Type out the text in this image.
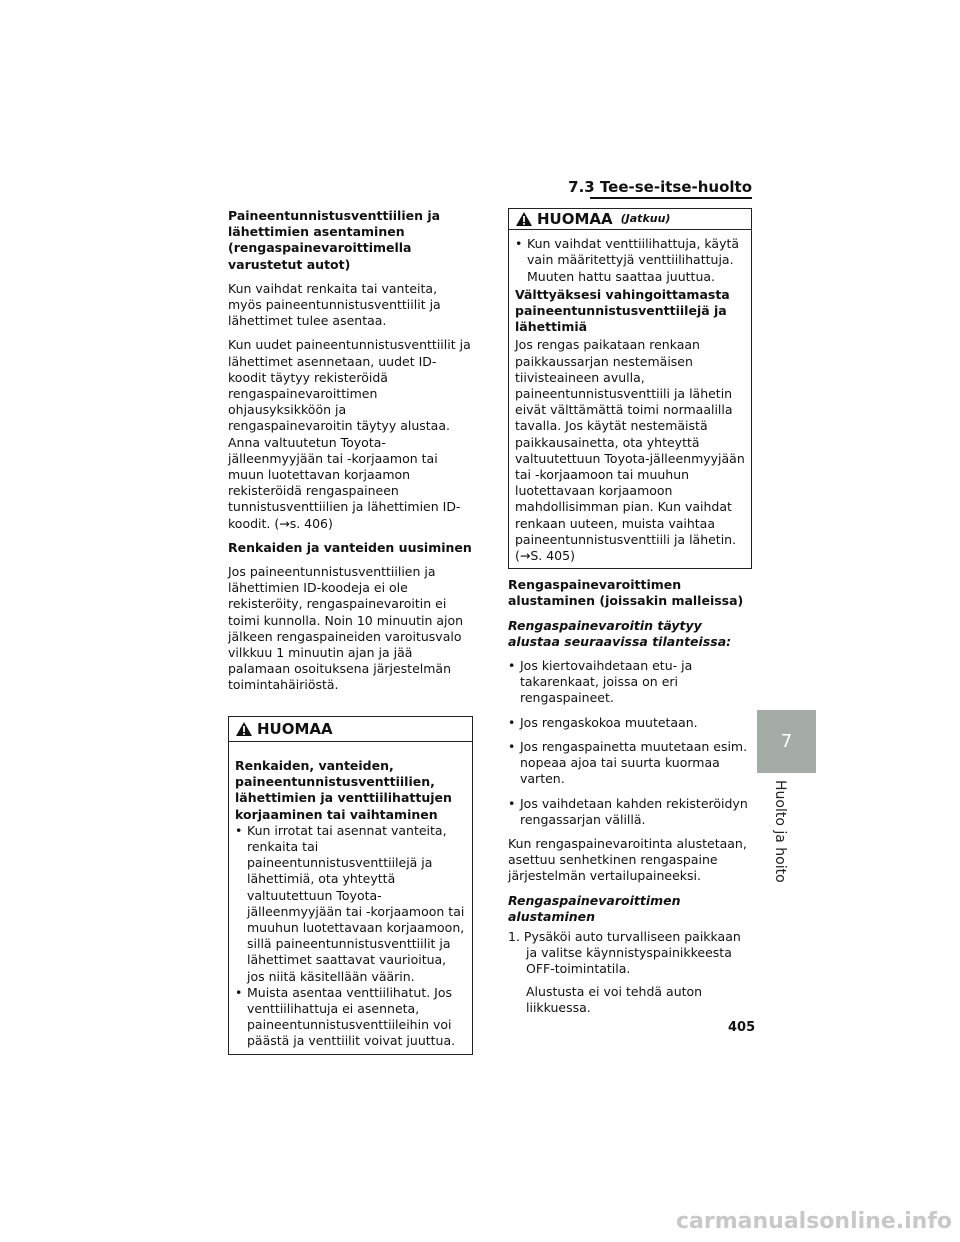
7.3 Tee-se-itse-huolto
Paineentunnistusventtiilien ja lähettimien asentaminen (rengaspainevaroittimella varustetut autot)
Kun vaihdat renkaita tai vanteita, myös paineentunnistusventtiilit ja lähettimet tulee asentaa.
Kun uudet paineentunnistusventtiilit ja lähettimet asennetaan, uudet ID-koodit täytyy rekisteröidä rengaspainevaroittimen ohjausyksikköön ja rengaspainevaroitin täytyy alustaa. Anna valtuutetun Toyota-jälleenmyyjään tai -korjaamon tai muun luotettavan korjaamon rekisteröidä rengaspaineen tunnistusventtiilien ja lähettimien ID-koodit. (→s. 406)
Renkaiden ja vanteiden uusiminen
Jos paineentunnistusventtiilien ja lähettimien ID-koodeja ei ole rekisteröity, rengaspainevaroitin ei toimi kunnolla. Noin 10 minuutin ajon jälkeen rengaspaineiden varoitusvalo vilkkuu 1 minuutin ajan ja jää palamaan osoituksena järjestelmän toimintahäiriöstä.
HUOMAA
Renkaiden, vanteiden, paineentunnistusventtiilien, lähettimien ja venttiilihattujen korjaaminen tai vaihtaminen
• Kun irrotat tai asennat vanteita, renkaita tai paineentunnistusventtiilejä ja lähettimiä, ota yhteyttä valtuutettuun Toyota-jälleenmyyjään tai -korjaamoon tai muuhun luotettavaan korjaamoon, sillä paineentunnistusventtiilit ja lähettimet saattavat vaurioitua, jos niitä käsitellään väärin.
• Muista asentaa venttiilihatut. Jos venttiilihattuja ei asenneta, paineentunnistusventtiileihin voi päästä ja venttiilit voivat juuttua.
HUOMAA (Jatkuu)
• Kun vaihdat venttiilihattuja, käytä vain määritettyjä venttiilihattuja. Muuten hattu saattaa juuttua.
Välttyäksesi vahingoittamasta paineentunnistusventtiilejä ja lähettimiä
Jos rengas paikataan renkaan paikkaussarjan nestemäisen tiivisteaineen avulla, paineentunnistusventtiili ja lähetin eivät välttämättä toimi normaalilla tavalla. Jos käytät nestemäistä paikkausainetta, ota yhteyttä valtuutettuun Toyota-jälleenmyyjään tai -korjaamoon tai muuhun luotettavaan korjaamoon mahdollisimman pian. Kun vaihdat renkaan uuteen, muista vaihtaa paineentunnistusventtiili ja lähetin. (→S. 405)
Rengaspainevaroittimen alustaminen (joissakin malleissa)
Rengaspainevaroitin täytyy alustaa seuraavissa tilanteissa:
• Jos kiertovaihdetaan etu- ja takarenkaat, joissa on eri rengaspaineet.
• Jos rengaskokoa muutetaan.
• Jos rengaspainetta muutetaan esim. nopeaa ajoa tai suurta kuormaa varten.
• Jos vaihdetaan kahden rekisteröidyn rengassarjan välillä.
Kun rengaspainevaroitinta alustetaan, asettuu senhetkinen rengaspaine järjestelmän vertailupaineeksi.
Rengaspainevaroittimen alustaminen
1. Pysäköi auto turvalliseen paikkaan ja valitse käynnistyspainikkeesta OFF-toimintatila.
Alustusta ei voi tehdä auton liikkuessa.
7
Huolto ja hoito
405
carmanualsonline.info
